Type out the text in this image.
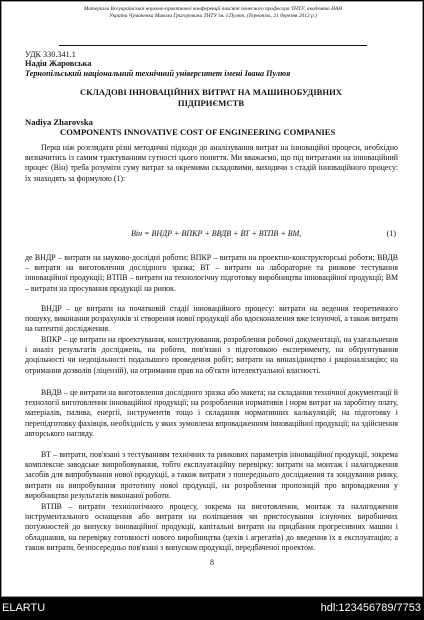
Матеріали Всеукраїнської науково-практичної конференції пам'яті почесного професора ТНТУ, академіка НАН
України Чумаченка Миколи Григоровича ТНТУ ім. І.Пулюя, (Тернопіль, 21 березня 2012 р.)
УДК 330.341.1
Надія Жаровська
Тернопільський національний технічний університет імені Івана Пулюя
СКЛАДОВІ ІННОВАЦІЙНИХ ВИТРАТ НА МАШИНОБУДІВНИХ ПІДПРИЄМСТВ
Nadiya Zharovska
COMPONENTS INNOVATIVE COST OF ENGINEERING COMPANIES

Перш ніж розглядати різні методичні підходи до аналізування витрат на інноваційні процеси, необхідно визначитись із самим трактуванням сутності цього поняття. Ми вважаємо, що під витратами на інноваційний процес (Він) треба розуміти суму витрат за окремими складовими, виходячи з стадій інноваційного процесу: їх знаходять за формулою (1):

Він = ВНДР + ВПКР + ВВДВ + ВТ + ВТПВ + ВМ,	(1)

де ВНДР – витрати на науково-дослідні роботи; ВПКР – витрати на проектно-конструкторські роботи; ВВДВ – витрати на виготовлення дослідного зразка; ВТ – витрати на лабораторне та ринкове тестування інноваційної продукції; ВТПВ – витрати на технологічну підготовку виробництва інноваційної продукції; ВМ – витрати на просування продукції на ринок.

ВНДР – це витрати на початковій стадії інноваційного процесу: витрати на ведення теоретичного пошуку, виконання розрахунків зі створення нової продукції або вдосконалення вже існуючої, а також витрати на патентні дослідження.

ВПКР – це витрати на проектування, конструювання, розроблення робочої документації, на узагальнення і аналіз результатів досліджень, на роботи, пов'язані з підготовкою експерименту, на обґрунтування доцільності чи недоцільності подальшого проведення робіт; витрати на винахідництво і раціоналізацію; на отримання дозволів (ліцензій), на отримання прав на об'єкти інтелектуальної власності.

ВВДВ – це витрати на виготовлення дослідного зразка або макета; на складання технічної документації й технології виготовлення інноваційної продукції; на розроблення нормативів і норм витрат на заробітну плату, матеріалів, палива, енергії, інструментів тощо і складання нормативних калькуляцій; на підготовку і перепідготовку фахівців, необхідність у яких зумовлена впровадженням інноваційної продукції; на здійснення авторського нагляду.

ВТ – витрати, пов'язані з тестуванням технічних та ринкових параметрів інноваційної продукції, зокрема комплексне заводське випробовування, тобто експлуатаційну перевірку: витрати на монтаж і налагодження засобів для випробування нової продукції, а також витрати з попереднього дослідження та зондування ринку, витрати на випробування прототипу нової продукції, на розроблення пропозицій про впровадження у виробництво результатів виконаної роботи.

ВТПВ – витрати технологічного процесу, зокрема на виготовлення, монтаж та налагодження інструментального оснащення або витрати на поліпшення чи пристосування існуючих виробничих потужностей до випуску інноваційної продукції, капітальні витрати на придбання прогресивних машин і обладнання, на перевірку готовності нового виробництва (цехів і агрегатів) до введення їх в експлуатацію; а також витрати, безпосередньо пов'язані з випуском продукції, передбаченої проектом.

8
ELARTU	hdl:123456789/7753
